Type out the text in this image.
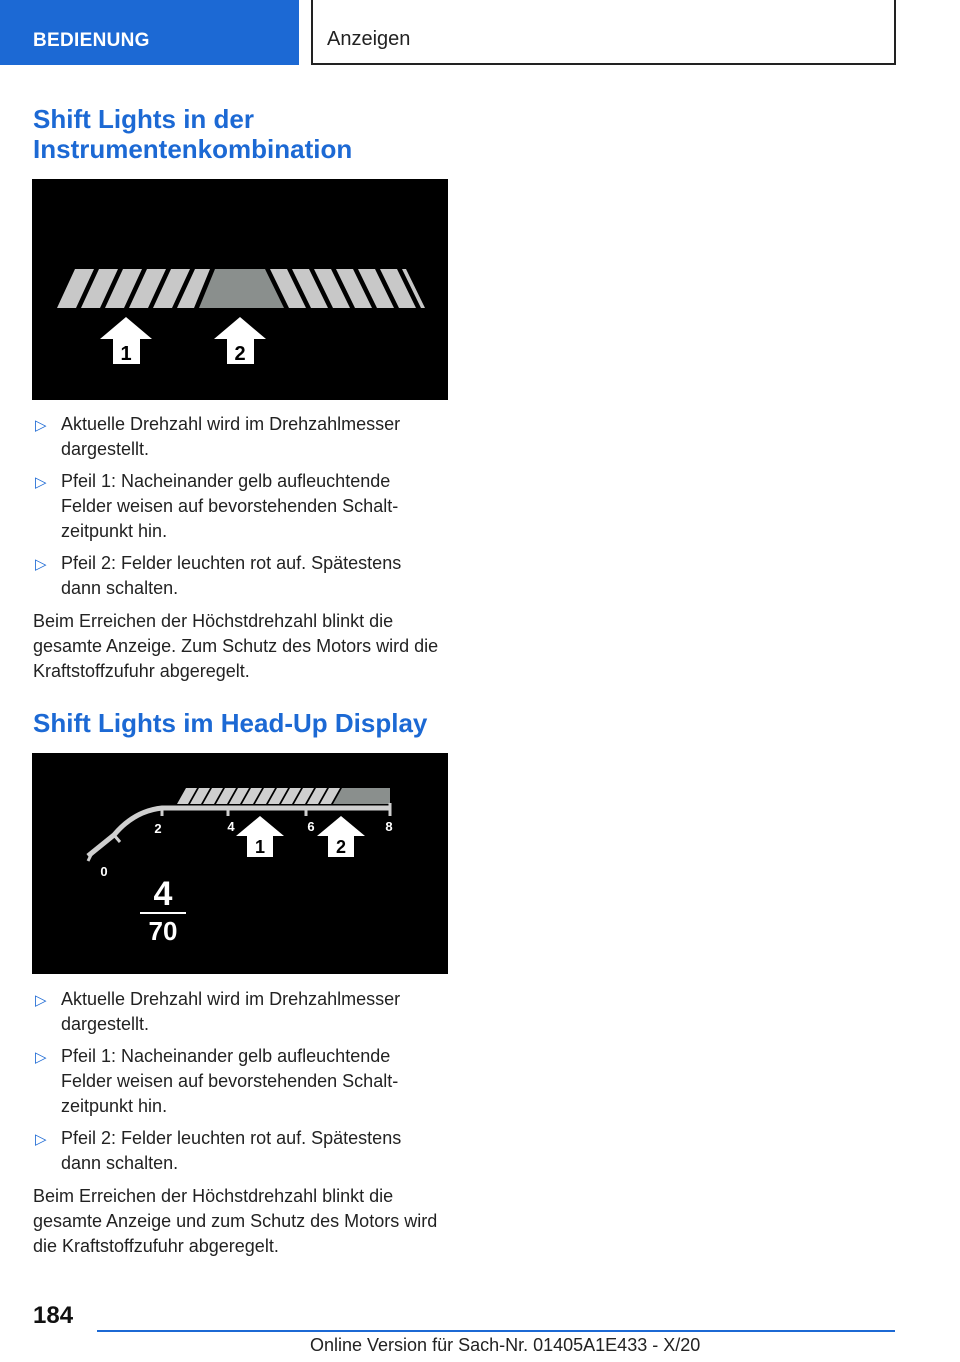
BEDIENUNG	Anzeigen
Shift Lights in der Instrumentenkombination
1	2
▷ Aktuelle Drehzahl wird im Drehzahlmesser dargestellt.
▷ Pfeil 1: Nacheinander gelb aufleuchtende Felder weisen auf bevorstehenden Schaltzeitpunkt hin.
▷ Pfeil 2: Felder leuchten rot auf. Spätestens dann schalten.

Beim Erreichen der Höchstdrehzahl blinkt die gesamte Anzeige. Zum Schutz des Motors wird die Kraftstoffzufuhr abgeregelt.

Shift Lights im Head-Up Display
0
2	4	6	8
1	2
4
70
▷ Aktuelle Drehzahl wird im Drehzahlmesser dargestellt.
▷ Pfeil 1: Nacheinander gelb aufleuchtende Felder weisen auf bevorstehenden Schaltzeitpunkt hin.
▷ Pfeil 2: Felder leuchten rot auf. Spätestens dann schalten.

Beim Erreichen der Höchstdrehzahl blinkt die gesamte Anzeige und zum Schutz des Motors wird die Kraftstoffzufuhr abgeregelt.

184
Online Version für Sach-Nr. 01405A1E433 - X/20
